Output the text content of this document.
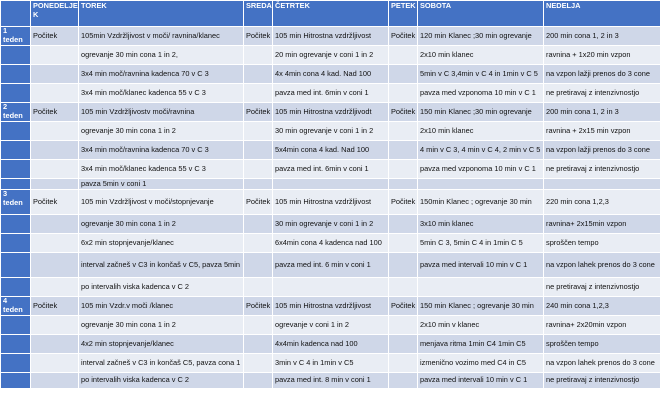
	PONEDELJE K	TOREK	SREDA	ČETRTEK	PETEK	SOBOTA	NEDELJA
1 teden	Počitek	105min Vzdržljivost v moči/ ravnina/klanec	Počitek	105 min Hitrostna vzdržljivost	Počitek	120 min Klanec ;30 min ogrevanje	200 min cona 1, 2 in 3
		ogrevanje 30 min cona 1 in 2,		20 min ogrevanje v coni 1 in 2		2x10 min klanec	ravnina + 1x20 min vzpon
		3x4 min moč/ravnina kadenca 70 v C 3		4x 4min cona 4 kad. Nad 100		5min v C 3,4min v C 4 in 1min v C 5	na vzpon lažji prenos do 3 cone
		3x4 min moč/klanec kadenca 55 v C 3		pavza med int. 6min v coni 1		pavza med vzponoma 10 min v C 1	ne pretiravaj z intenzivnostjo
2 teden	Počitek	105 min Vzdržljivostv moči/ravnina	Počitek	105 min Hitrostna vzdržljivodt	Počitek	150 min Klanec ;30 min ogrevanje	200 min cona 1, 2 in 3
		ogrevanje 30 min cona 1 in 2		30 min ogrevanje v coni 1 in 2		2x10 min klanec	ravnina + 2x15 min vzpon
		3x4 min moč/ravnina kadenca 70 v C 3		5x4min cona 4 kad. Nad 100		4 min v C 3, 4 min v C 4, 2 min v C 5	na vzpon lažji prenos do 3 cone
		3x4 min moč/klanec kadenca 55 v C 3		pavza med int. 6min v coni 1		pavza med vzponoma 10 min v C 1	ne pretiravaj z intenzivnostjo
		pavza 5min v coni 1					
3 teden	Počitek	105 min Vzdržljivost v moči/stopnjevanje	Počitek	105 min Hitrostna vzdržljivost	Počitek	150min Klanec ; ogrevanje 30 min	220 min cona 1,2,3
		ogrevanje 30 min cona 1 in 2		30 min ogrevanje v coni 1 in 2		3x10 min klanec	ravnina+ 2x15min vzpon
		6x2 min stopnjevanje/klanec		6x4min cona 4 kadenca nad 100		5min C 3, 5min C 4 in 1min C 5	sproščen tempo
		interval začneš v C3 in končaš v C5, pavza 5min		pavza med int. 6 min v coni 1		pavza med intervali 10 min v C 1	na vzpon lahek prenos do 3 cone
		po intervalih viska kadenca v C 2					ne pretiravaj z intenzivnostjo
4 teden	Počitek	105 min Vzdr.v moči /klanec	Počitek	105 min Hitrostna vzdržljivost	Počitek	150 min Klanec ; ogrevanje 30 min	240 min cona 1,2,3
		ogrevanje 30 min cona 1 in 2		ogrevanje v coni 1 in 2		2x10 min v klanec	ravnina+ 2x20min vzpon
		4x2 min stopnjevanje/klanec		4x4min kadenca nad 100		menjava ritma 1min C4 1min C5	sproščen tempo
		interval začneš v C3 in končaš C5, pavza cona 1		3min v C 4 in 1min v C5		izmenično vozimo med C4 in C5	na vzpon lahek prenos do 3 cone
		po intervalih viska kadenca v C 2		pavza med int. 8 min v coni 1		pavza med intervali 10 min v C 1	ne pretiravaj z intenzivnostjo
